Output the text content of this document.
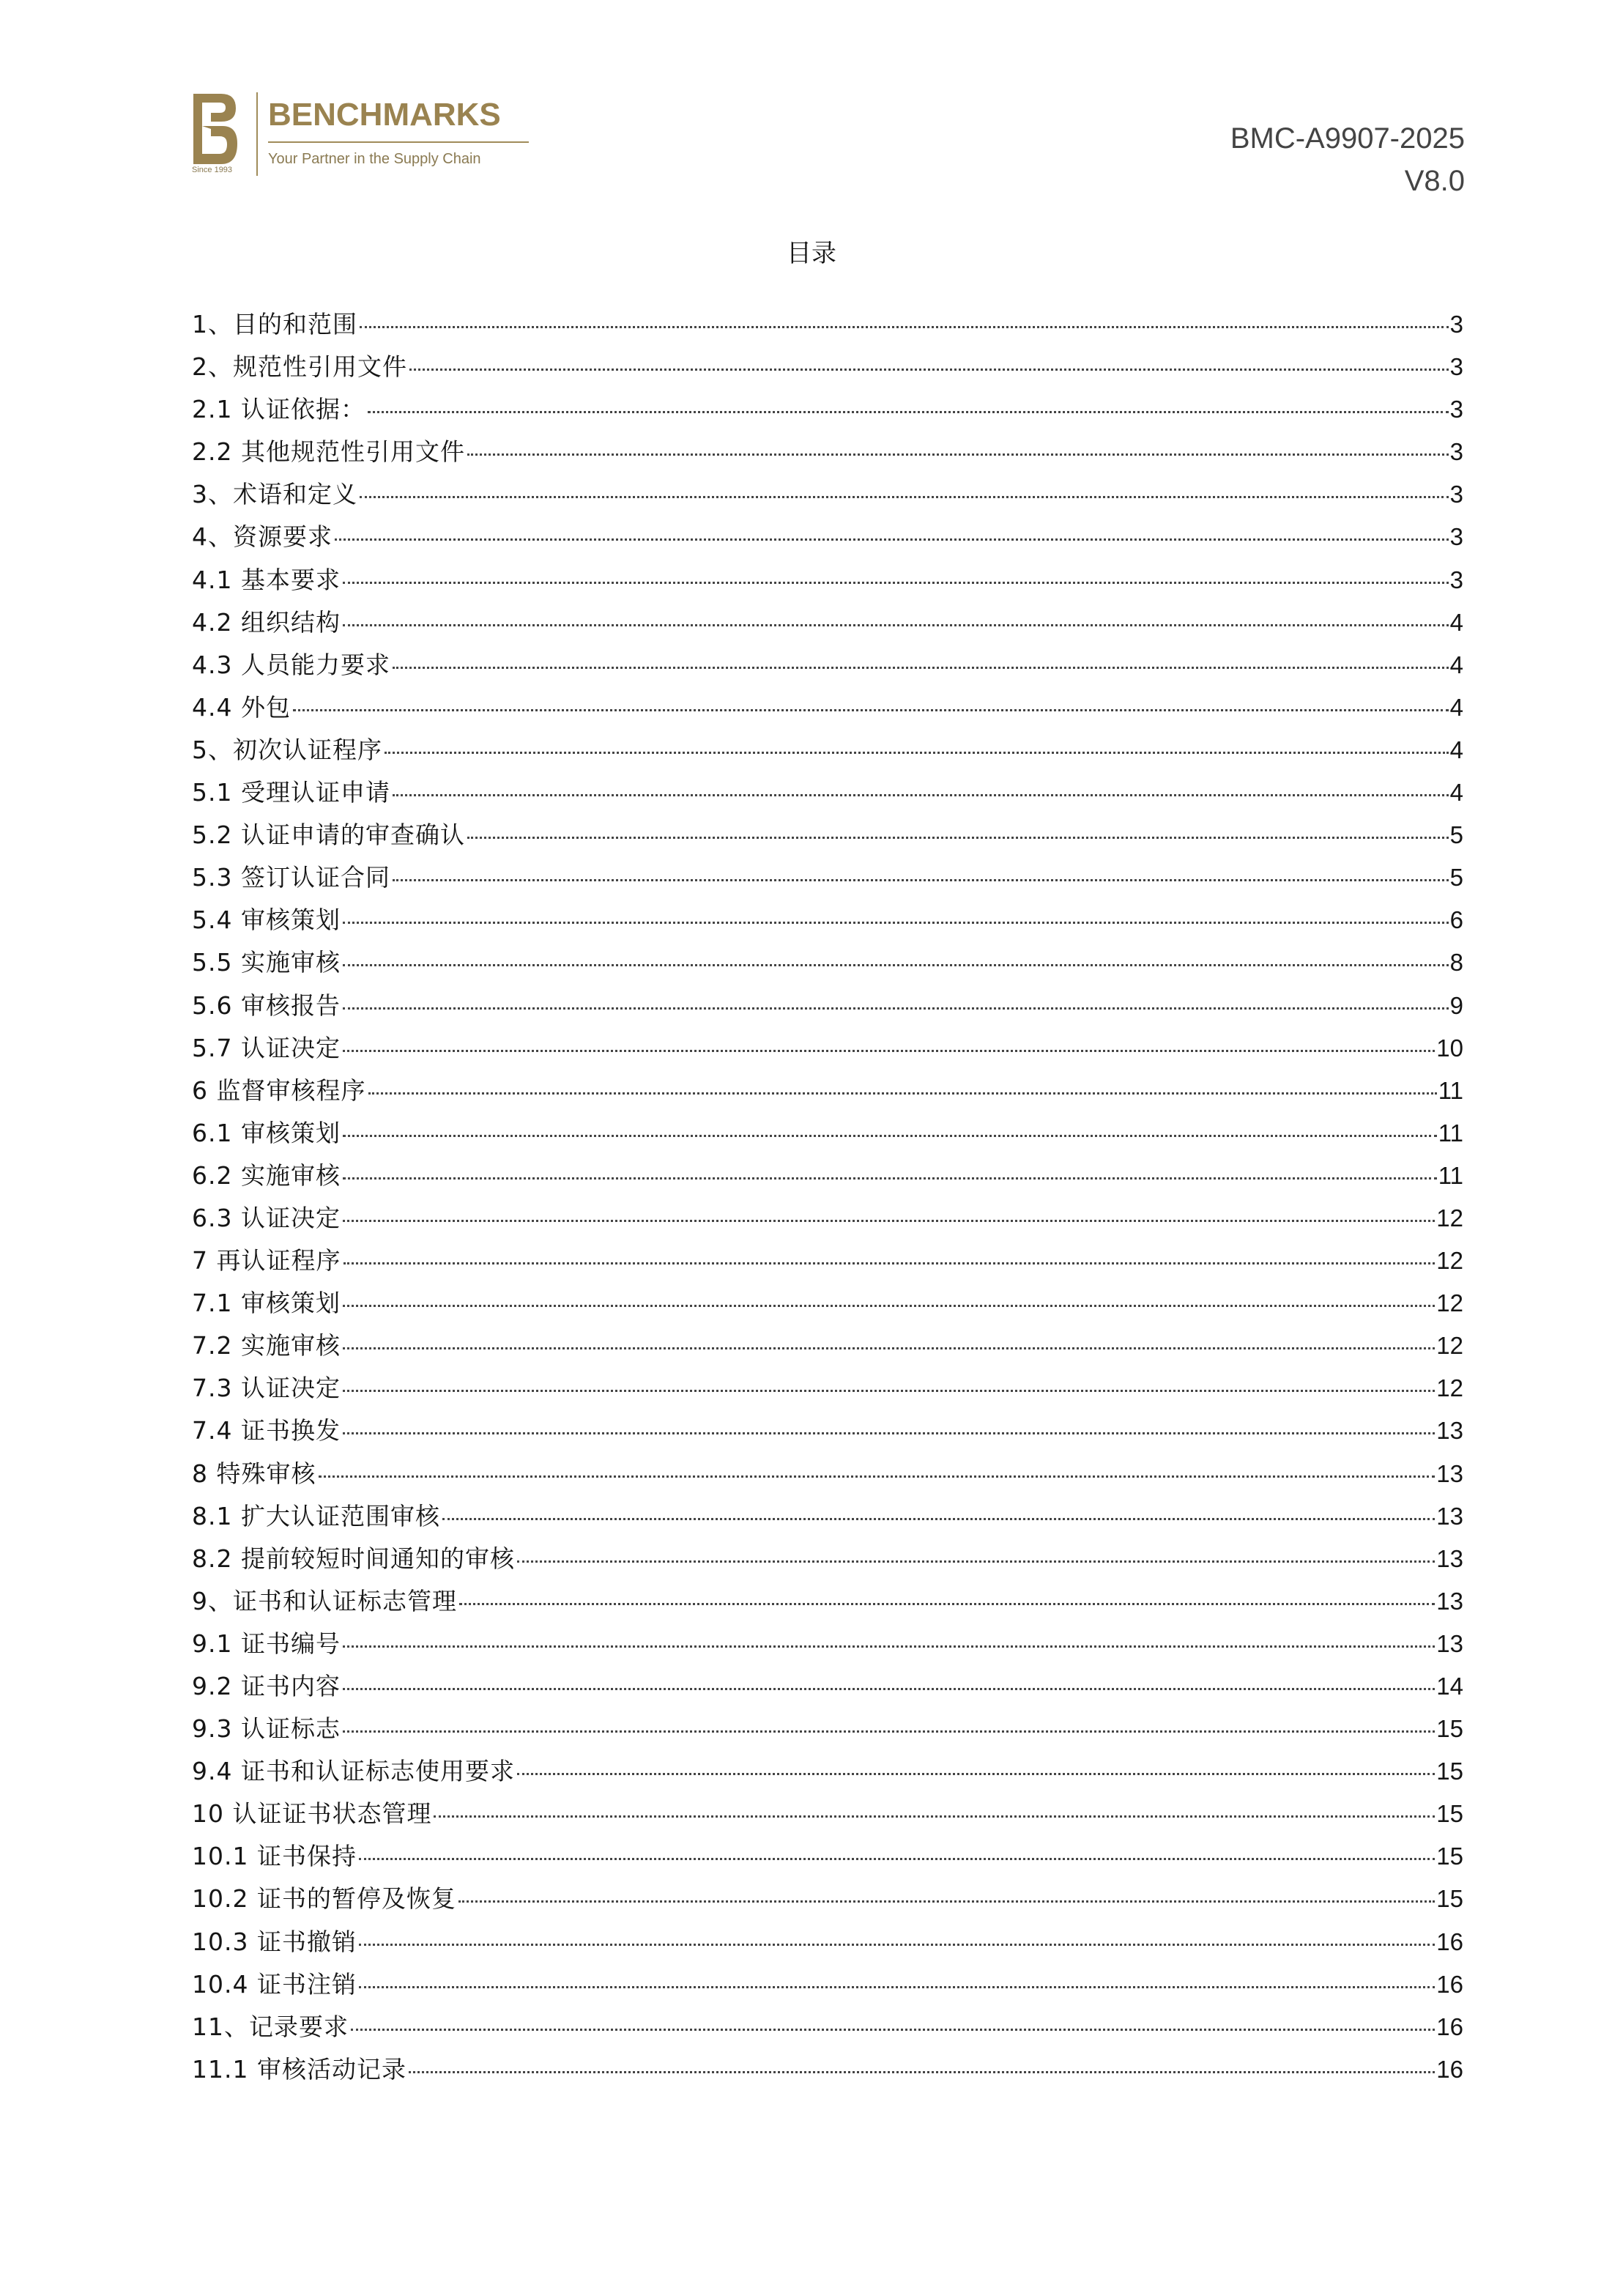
Since 1993
BENCHMARKS
Your Partner in the Supply Chain
BMC-A9907-2025
V8.0
目录
1、目的和范围	3
2、规范性引用文件	3
2.1 认证依据：	3
2.2 其他规范性引用文件	3
3、术语和定义	3
4、资源要求	3
4.1 基本要求	3
4.2 组织结构	4
4.3 人员能力要求	4
4.4 外包	4
5、初次认证程序	4
5.1 受理认证申请	4
5.2 认证申请的审查确认	5
5.3 签订认证合同	5
5.4 审核策划	6
5.5 实施审核	8
5.6 审核报告	9
5.7 认证决定	10
6 监督审核程序	11
6.1 审核策划	11
6.2 实施审核	11
6.3 认证决定	12
7 再认证程序	12
7.1 审核策划	12
7.2 实施审核	12
7.3 认证决定	12
7.4 证书换发	13
8 特殊审核	13
8.1 扩大认证范围审核	13
8.2 提前较短时间通知的审核	13
9、证书和认证标志管理	13
9.1 证书编号	13
9.2 证书内容	14
9.3 认证标志	15
9.4 证书和认证标志使用要求	15
10 认证证书状态管理	15
10.1 证书保持	15
10.2 证书的暂停及恢复	15
10.3 证书撤销	16
10.4 证书注销	16
11、记录要求	16
11.1 审核活动记录	16
